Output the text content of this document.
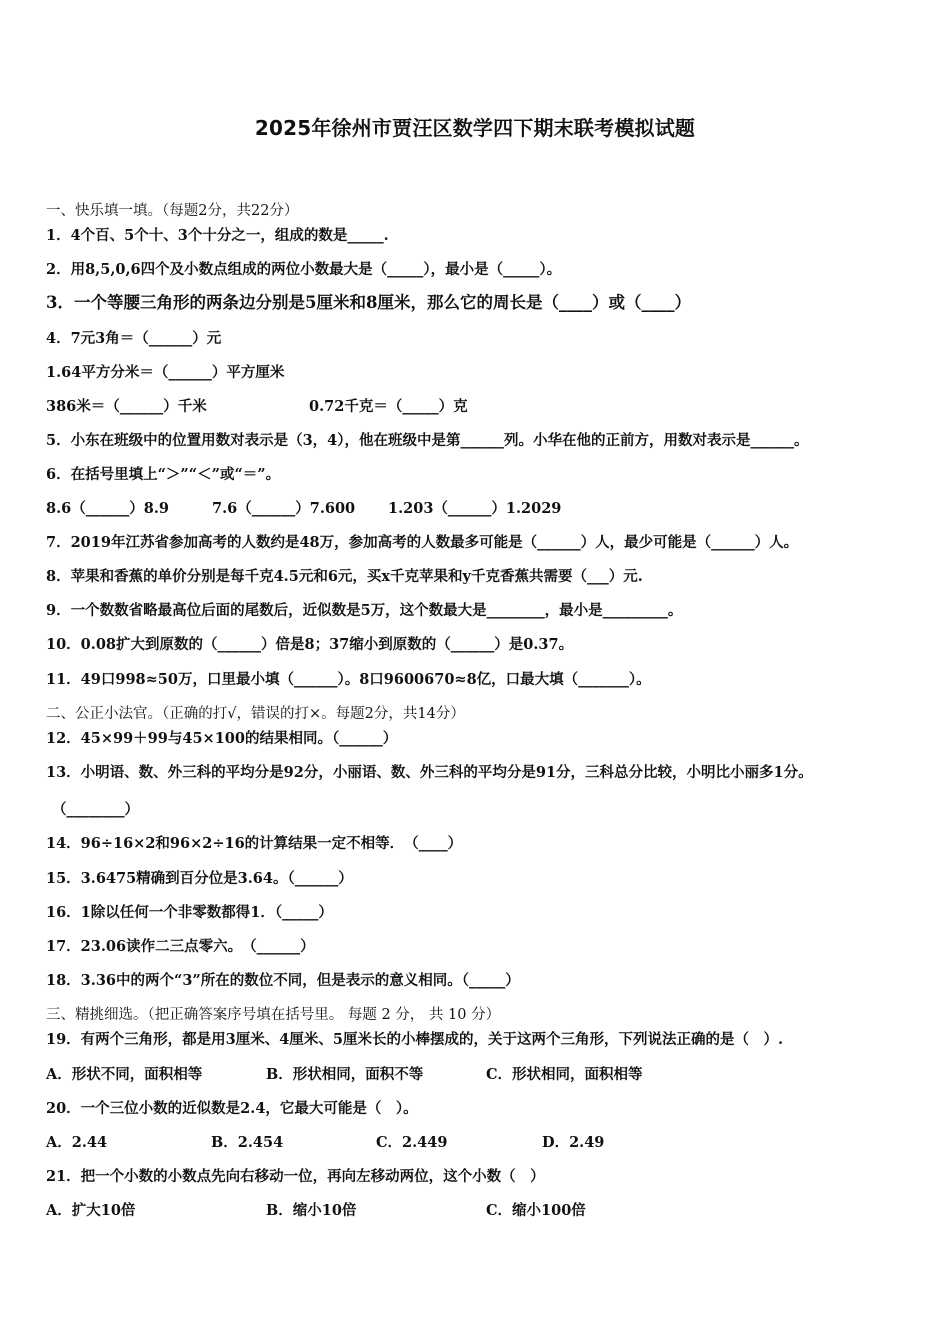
2025年徐州市贾汪区数学四下期末联考模拟试题
一、快乐填一填。（每题2分，共22分）
1．4个百、5个十、3个十分之一，组成的数是_____.
2．用8,5,0,6四个及小数点组成的两位小数最大是（_____），最小是（_____）。
3．一个等腰三角形的两条边分别是5厘米和8厘米，那么它的周长是（____）或（____）
4．7元3角＝（______）元
1.64平方分米＝（______）平方厘米
386米＝（______）千米	0.72千克＝（_____）克
5．小东在班级中的位置用数对表示是（3，4），他在班级中是第______列。小华在他的正前方，用数对表示是______。
6．在括号里填上“＞”“＜”或“＝”。
8.6（______）8.9	7.6（______）7.600 1.203（______）1.2029
7．2019年江苏省参加高考的人数约是48万，参加高考的人数最多可能是（______）人，最少可能是（______）人。
8．苹果和香蕉的单价分别是每千克4.5元和6元，买x千克苹果和y千克香蕉共需要（___）元.
9．一个数数省略最高位后面的尾数后，近似数是5万，这个数最大是________，最小是_________。
10．0.08扩大到原数的（______）倍是8；37缩小到原数的（______）是0.37。
11．49口998≈50万，口里最小填（______）。8口9600670≈8亿，口最大填（_______）。
二、公正小法官。（正确的打√，错误的打×。每题2分，共14分）
12．45×99＋99与45×100的结果相同。（______）
13．小明语、数、外三科的平均分是92分，小丽语、数、外三科的平均分是91分，三科总分比较，小明比小丽多1分。
（________）
14．96÷16×2和96×2÷16的计算结果一定不相等．　（____）
15．3.6475精确到百分位是3.64。（______）
16．1除以任何一个非零数都得1．（_____）
17．23.06读作二三点零六。　（______）
18．3.36中的两个“3”所在的数位不同，但是表示的意义相同。（_____）
三、精挑细选。（把正确答案序号填在括号里。 每题 2 分， 共 10 分）
19．有两个三角形，都是用3厘米、4厘米、5厘米长的小棒摆成的，关于这两个三角形，下列说法正确的是（　）.
A．形状不同，面积相等	B．形状相同，面积不等	C．形状相同，面积相等
20．一个三位小数的近似数是2.4，它最大可能是（　）。
A．2.44	B．2.454	C．2.449	D．2.49
21．把一个小数的小数点先向右移动一位，再向左移动两位，这个小数（　）
A．扩大10倍	B．缩小10倍	C．缩小100倍
